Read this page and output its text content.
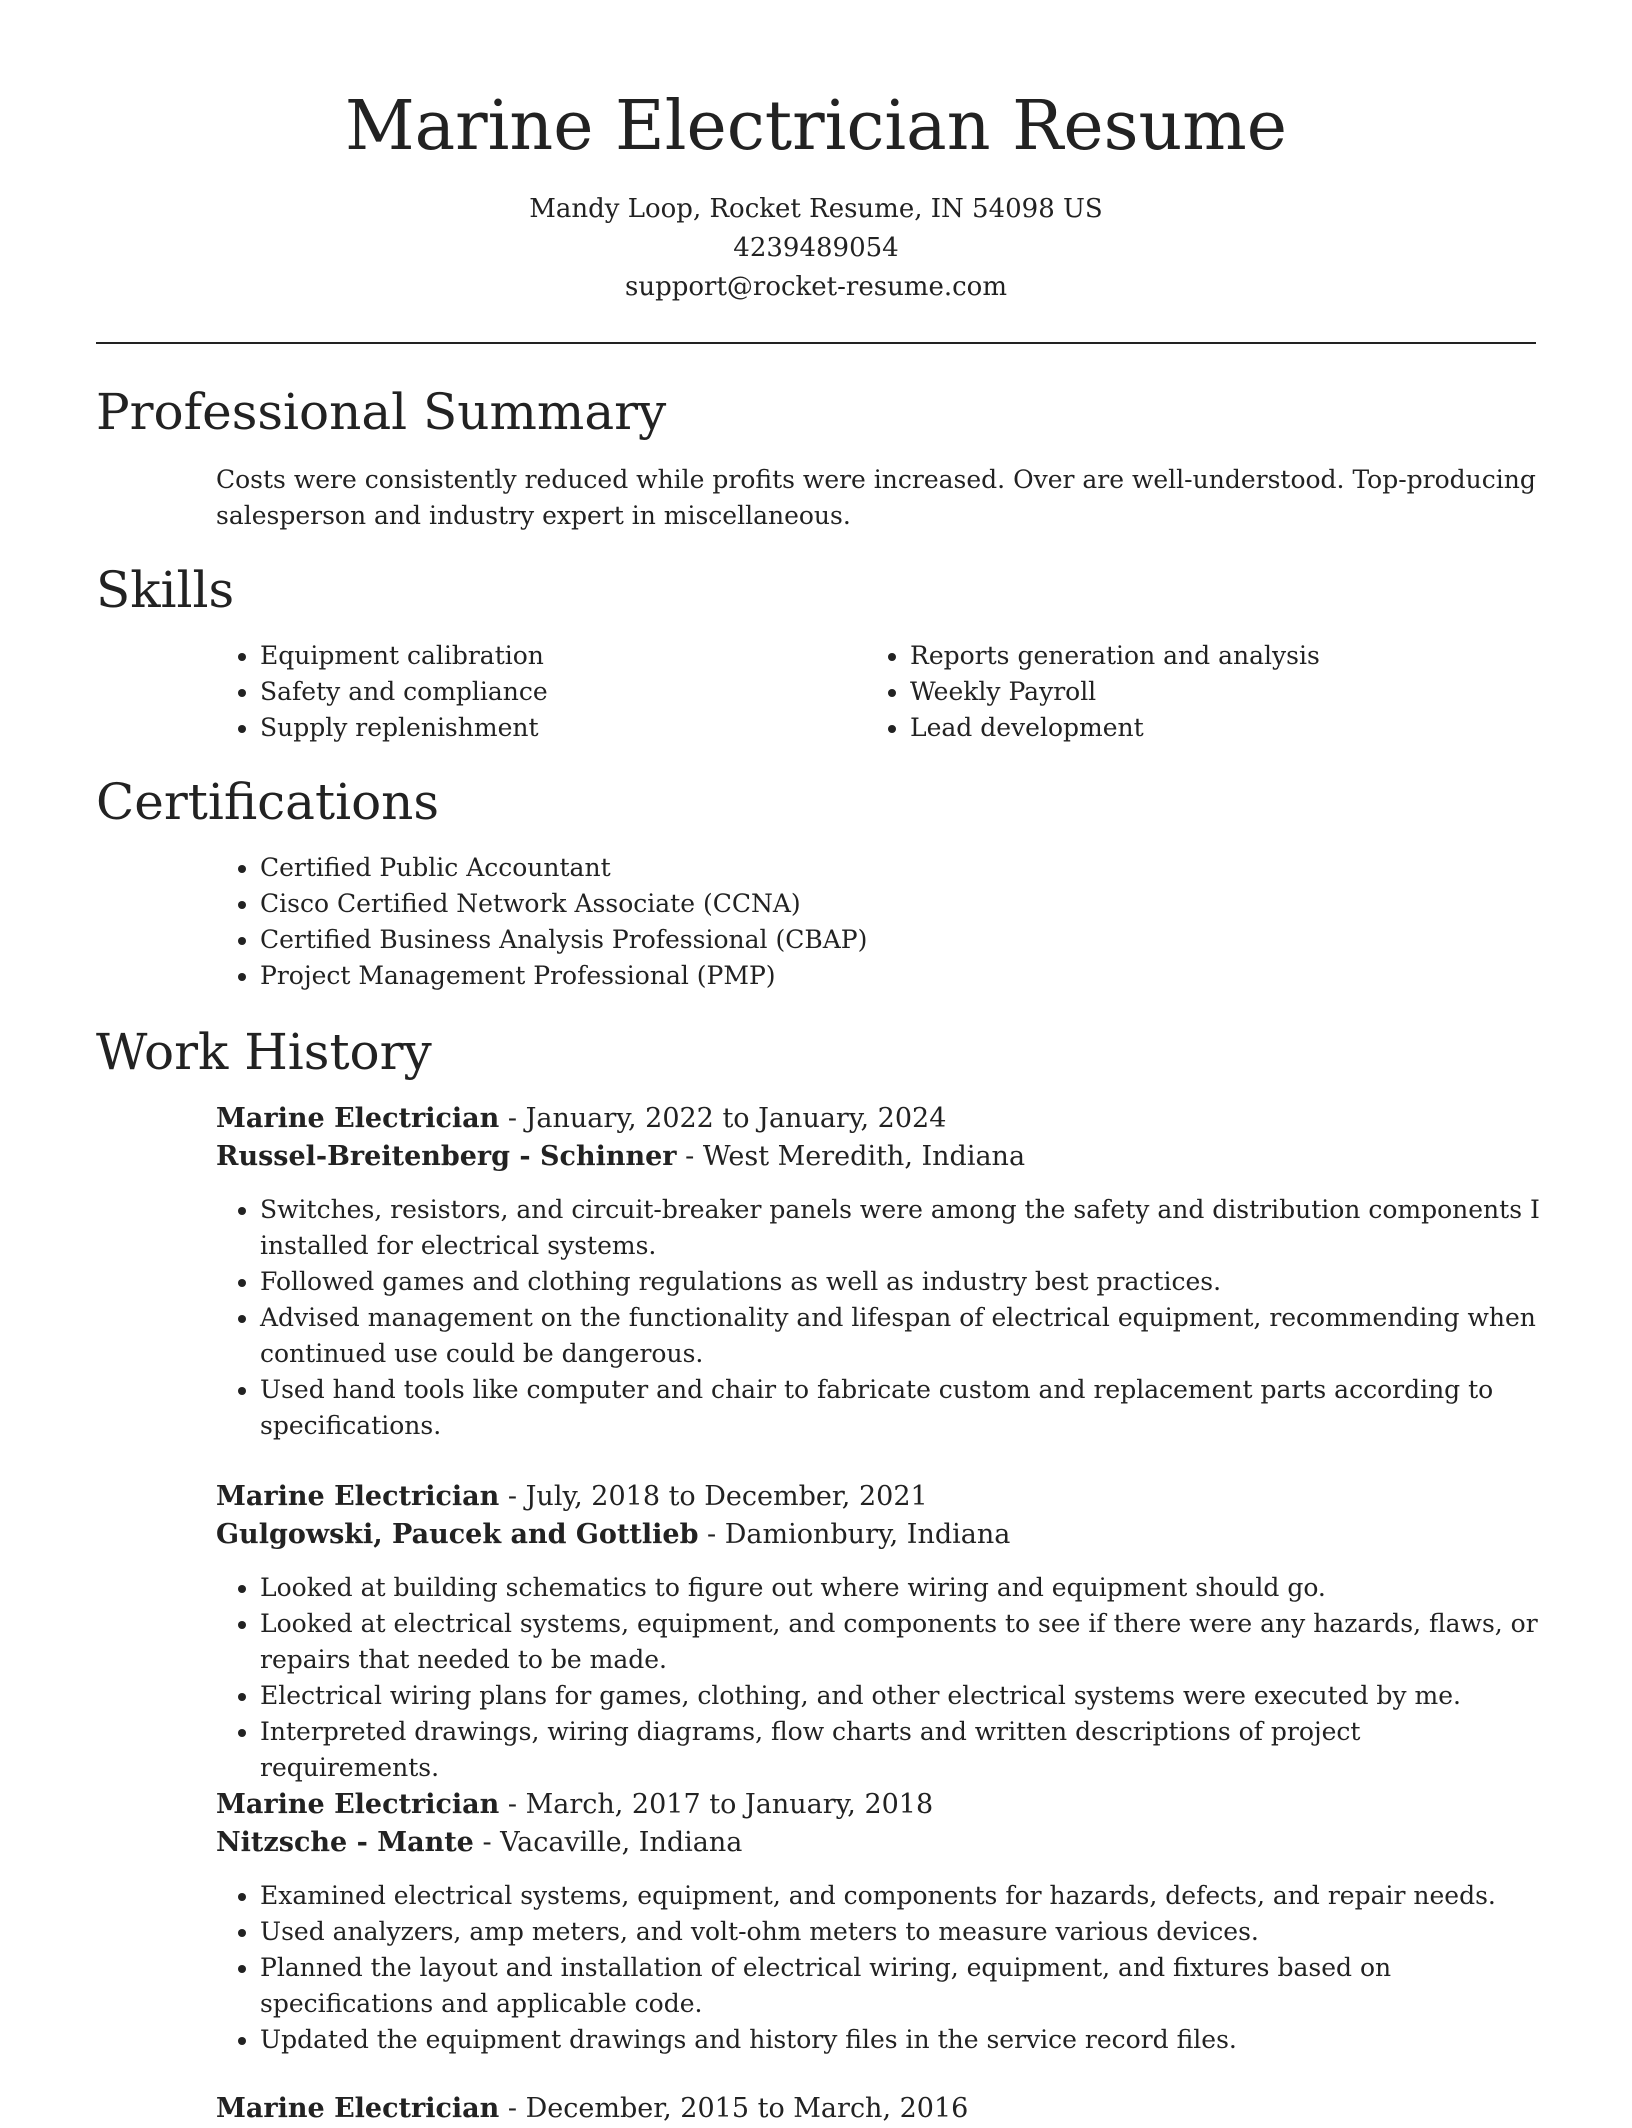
Marine Electrician Resume
Mandy Loop, Rocket Resume, IN 54098 US
4239489054
support@rocket-resume.com
Professional Summary

Costs were consistently reduced while profits were increased. Over are well-understood. Top-producing salesperson and industry expert in miscellaneous.

Skills
• Equipment calibration
• Safety and compliance
• Supply replenishment
• Reports generation and analysis
• Weekly Payroll
• Lead development
Certifications
• Certified Public Accountant
• Cisco Certified Network Associate (CCNA)
• Certified Business Analysis Professional (CBAP)
• Project Management Professional (PMP)
Work History

Marine Electrician - January, 2022 to January, 2024

Russel-Breitenberg - Schinner - West Meredith, Indiana

• Switches, resistors, and circuit-breaker panels were among the safety and distribution components I installed for electrical systems.
• Followed games and clothing regulations as well as industry best practices.
• Advised management on the functionality and lifespan of electrical equipment, recommending when continued use could be dangerous.
• Used hand tools like computer and chair to fabricate custom and replacement parts according to specifications.

Marine Electrician - July, 2018 to December, 2021

Gulgowski, Paucek and Gottlieb - Damionbury, Indiana

• Looked at building schematics to figure out where wiring and equipment should go.
• Looked at electrical systems, equipment, and components to see if there were any hazards, flaws, or repairs that needed to be made.
• Electrical wiring plans for games, clothing, and other electrical systems were executed by me.
• Interpreted drawings, wiring diagrams, flow charts and written descriptions of project requirements.

Marine Electrician - March, 2017 to January, 2018

Nitzsche - Mante - Vacaville, Indiana

• Examined electrical systems, equipment, and components for hazards, defects, and repair needs.
• Used analyzers, amp meters, and volt-ohm meters to measure various devices.
• Planned the layout and installation of electrical wiring, equipment, and fixtures based on specifications and applicable code.
• Updated the equipment drawings and history files in the service record files.

Marine Electrician - December, 2015 to March, 2016
